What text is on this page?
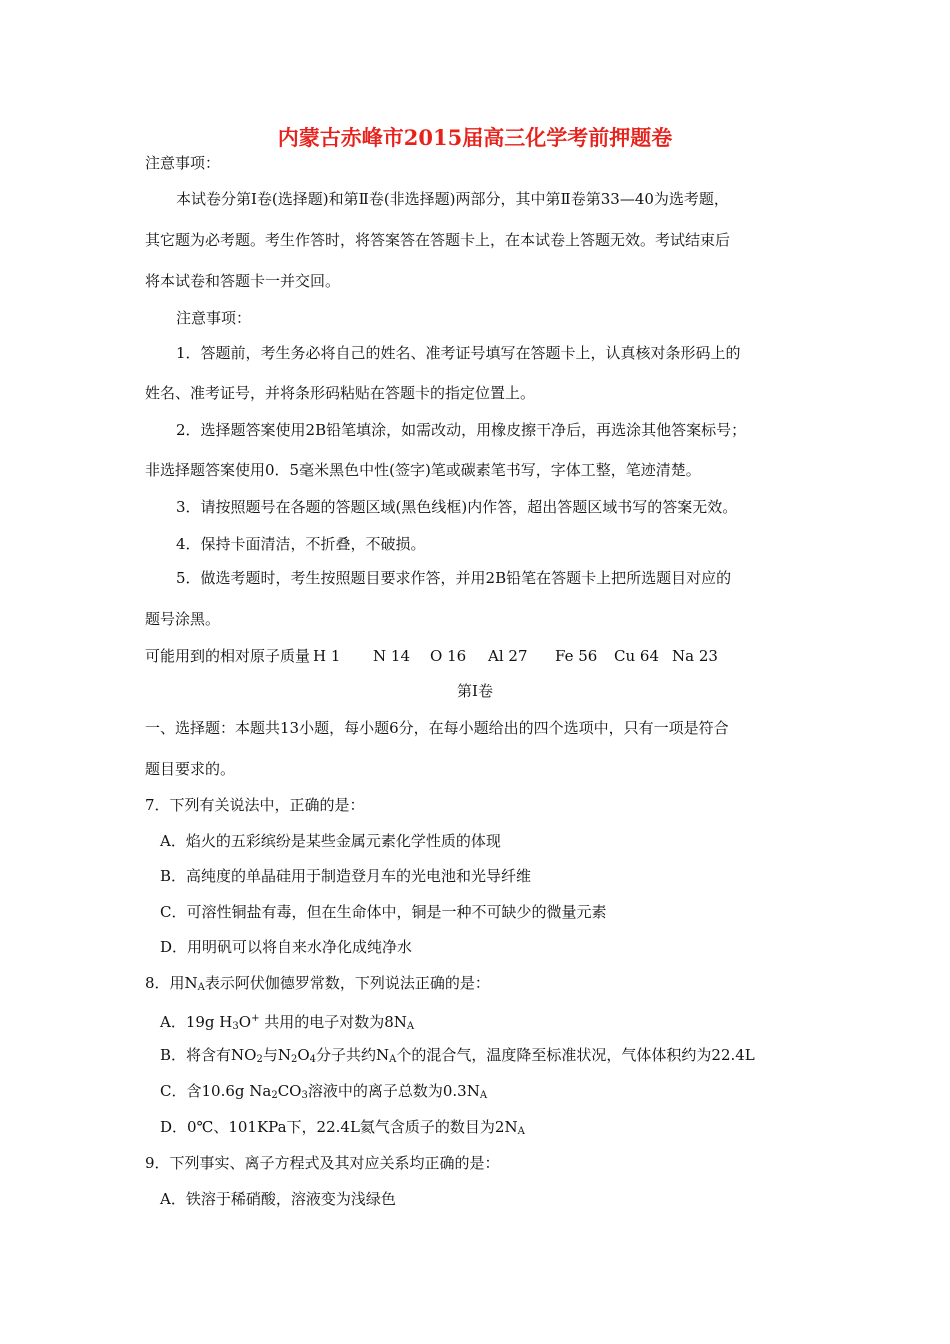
内蒙古赤峰市2015届高三化学考前押题卷
注意事项：
本试卷分第Ⅰ卷(选择题)和第Ⅱ卷(非选择题)两部分，其中第Ⅱ卷第33—40为选考题，
其它题为必考题。考生作答时，将答案答在答题卡上，在本试卷上答题无效。考试结束后
将本试卷和答题卡一并交回。
注意事项：
1．答题前，考生务必将自己的姓名、准考证号填写在答题卡上，认真核对条形码上的
姓名、准考证号，并将条形码粘贴在答题卡的指定位置上。
2．选择题答案使用2B铅笔填涂，如需改动，用橡皮擦干净后，再选涂其他答案标号；
非选择题答案使用0．5毫米黑色中性(签字)笔或碳素笔书写，字体工整，笔迹清楚。
3．请按照题号在各题的答题区域(黑色线框)内作答，超出答题区域书写的答案无效。
4．保持卡面清洁，不折叠，不破损。
5．做选考题时，考生按照题目要求作答，并用2B铅笔在答题卡上把所选题目对应的
题号涂黑。
可能用到的相对原子质量 H 1 N 14 O 16 Al 27 Fe 56 Cu 64 Na 23
第Ⅰ卷
一、选择题：本题共13小题，每小题6分，在每小题给出的四个选项中，只有一项是符合
题目要求的。
7．下列有关说法中，正确的是：
A．焰火的五彩缤纷是某些金属元素化学性质的体现
B．高纯度的单晶硅用于制造登月车的光电池和光导纤维
C．可溶性铜盐有毒，但在生命体中，铜是一种不可缺少的微量元素
D．用明矾可以将自来水净化成纯净水
8．用$N_A$表示阿伏伽德罗常数，下列说法正确的是：
A．19g $H_3O^+$ 共用的电子对数为$8N_A$
B．将含有$NO_2$与$N_2O_4$分子共约$N_A$个的混合气，温度降至标准状况，气体体积约为22.4L
C．含10.6g $Na_2CO_3$溶液中的离子总数为$0.3N_A$
D．0℃、101KPa下，22.4L氦气含质子的数目为$2N_A$
9．下列事实、离子方程式及其对应关系均正确的是：
A．铁溶于稀硝酸，溶液变为浅绿色
